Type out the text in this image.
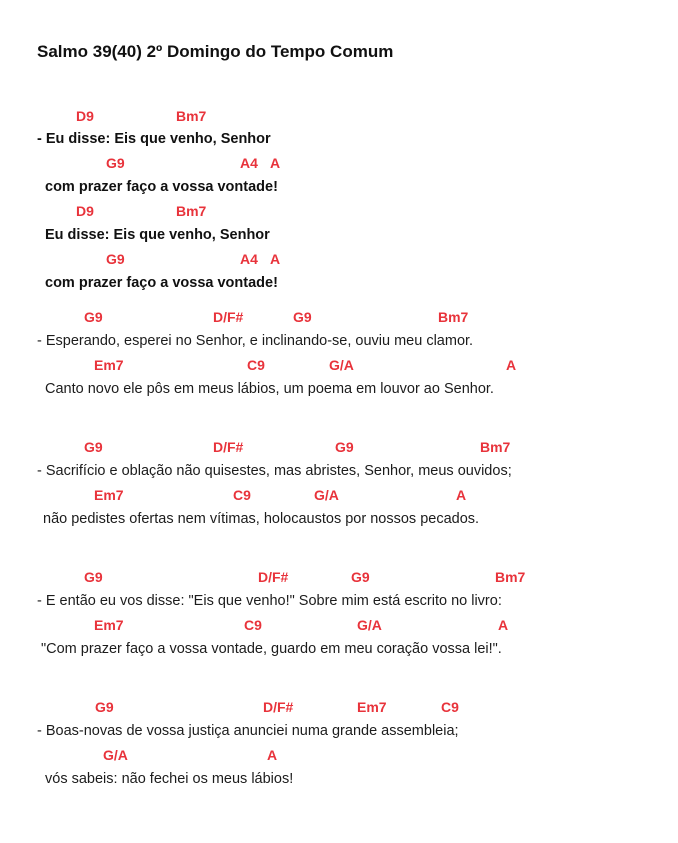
Salmo 39(40) 2º Domingo do Tempo Comum
D9	Bm7
- Eu disse: Eis que venho, Senhor
G9	A4 A
com prazer faço a vossa vontade!
D9	Bm7
Eu disse: Eis que venho, Senhor
G9	A4 A
com prazer faço a vossa vontade!
G9	D/F#	G9	Bm7
- Esperando, esperei no Senhor, e inclinando-se, ouviu meu clamor.
Em7	C9	G/A	A
Canto novo ele pôs em meus lábios, um poema em louvor ao Senhor.
G9	D/F#	G9	Bm7
- Sacrifício e oblação não quisestes, mas abristes, Senhor, meus ouvidos;
Em7	C9	G/A	A
não pedistes ofertas nem vítimas, holocaustos por nossos pecados.
G9	D/F#	G9	Bm7
- E então eu vos disse: "Eis que venho!" Sobre mim está escrito no livro:
Em7	C9	G/A	A
"Com prazer faço a vossa vontade, guardo em meu coração vossa lei!".
G9	D/F#	Em7	C9
- Boas-novas de vossa justiça anunciei numa grande assembleia;
G/A	A
vós sabeis: não fechei os meus lábios!
